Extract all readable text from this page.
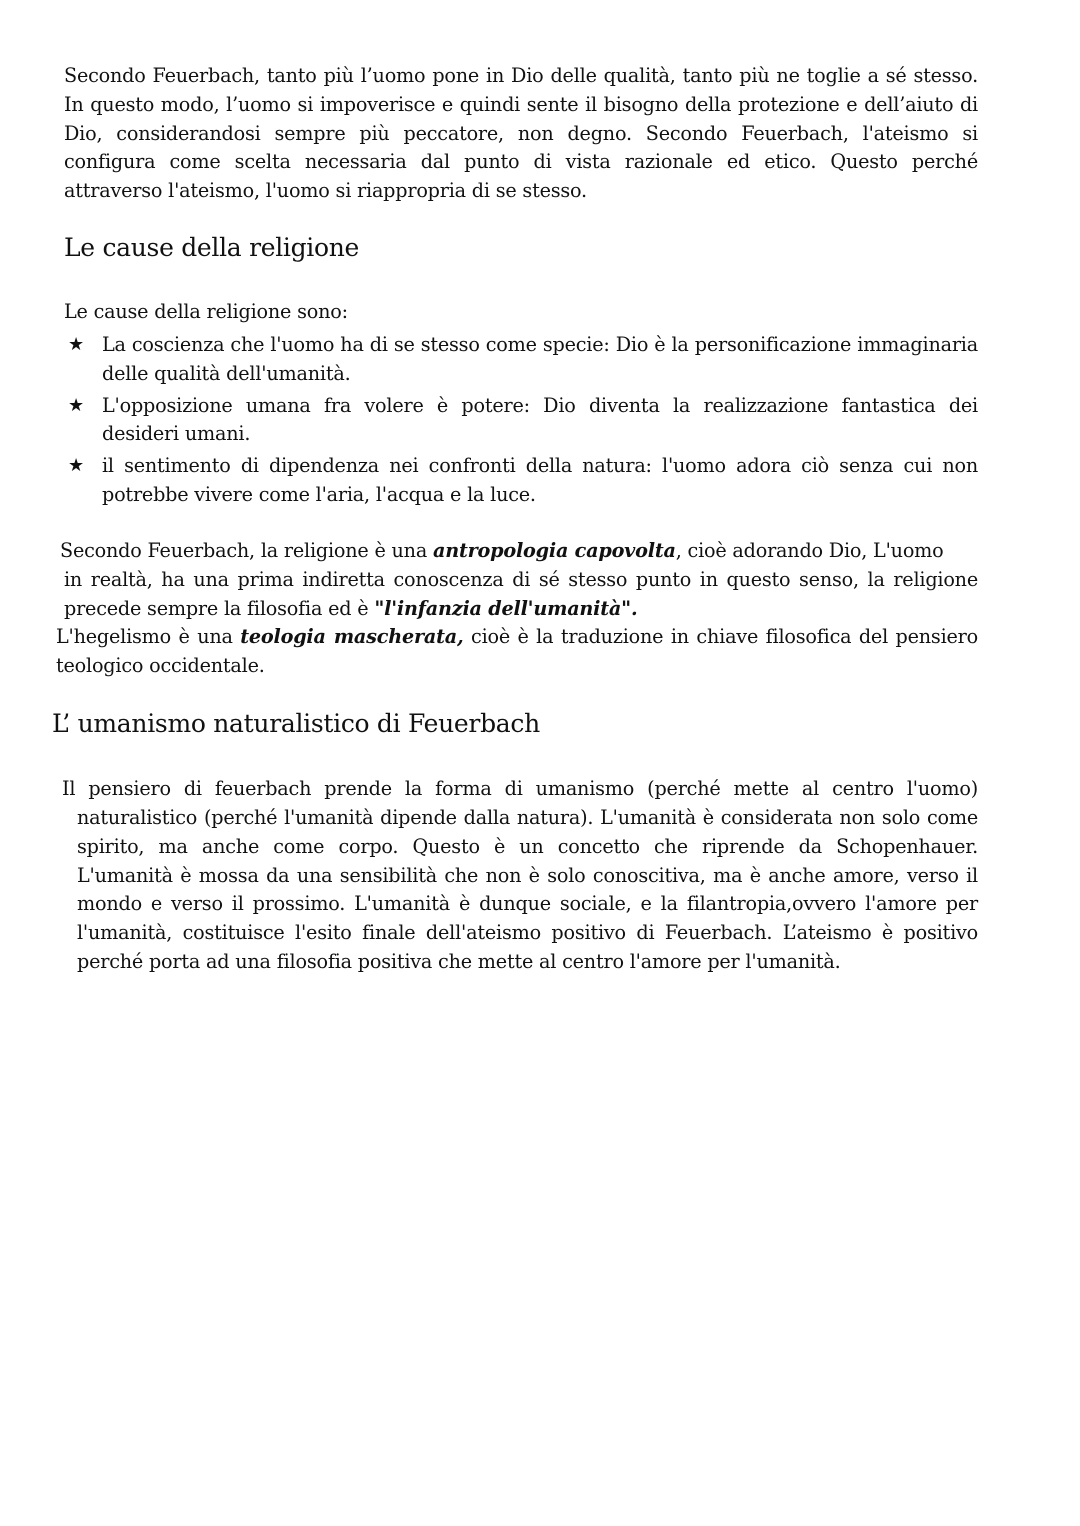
Secondo Feuerbach, tanto più l’uomo pone in Dio delle qualità, tanto più ne toglie a sé stesso. In questo modo, l’uomo si impoverisce e quindi sente il bisogno della protezione e dell’aiuto di Dio, considerandosi sempre più peccatore, non degno. Secondo Feuerbach, l'ateismo si configura come scelta necessaria dal punto di vista razionale ed etico. Questo perché attraverso l'ateismo, l'uomo si riappropria di se stesso.

Le cause della religione

Le cause della religione sono:

★ La coscienza che l'uomo ha di se stesso come specie: Dio è la personificazione immaginaria delle qualità dell'umanità.
★ L'opposizione umana fra volere è potere: Dio diventa la realizzazione fantastica dei desideri umani.
★ il sentimento di dipendenza nei confronti della natura: l'uomo adora ciò senza cui non potrebbe vivere come l'aria, l'acqua e la luce.

Secondo Feuerbach, la religione è una antropologia capovolta, cioè adorando Dio, L'uomo

in realtà, ha una prima indiretta conoscenza di sé stesso punto in questo senso, la religione precede sempre la filosofia ed è "l'infanzia dell'umanità".

L'hegelismo è una teologia mascherata, cioè è la traduzione in chiave filosofica del pensiero teologico occidentale.

L’ umanismo naturalistico di Feuerbach

Il pensiero di feuerbach prende la forma di umanismo (perché mette al centro l'uomo)

naturalistico (perché l'umanità dipende dalla natura). L'umanità è considerata non solo come spirito, ma anche come corpo. Questo è un concetto che riprende da Schopenhauer. L'umanità è mossa da una sensibilità che non è solo conoscitiva, ma è anche amore, verso il mondo e verso il prossimo. L'umanità è dunque sociale, e la filantropia,ovvero l'amore per l'umanità, costituisce l'esito finale dell'ateismo positivo di Feuerbach. L’ateismo è positivo perché porta ad una filosofia positiva che mette al centro l'amore per l'umanità.
